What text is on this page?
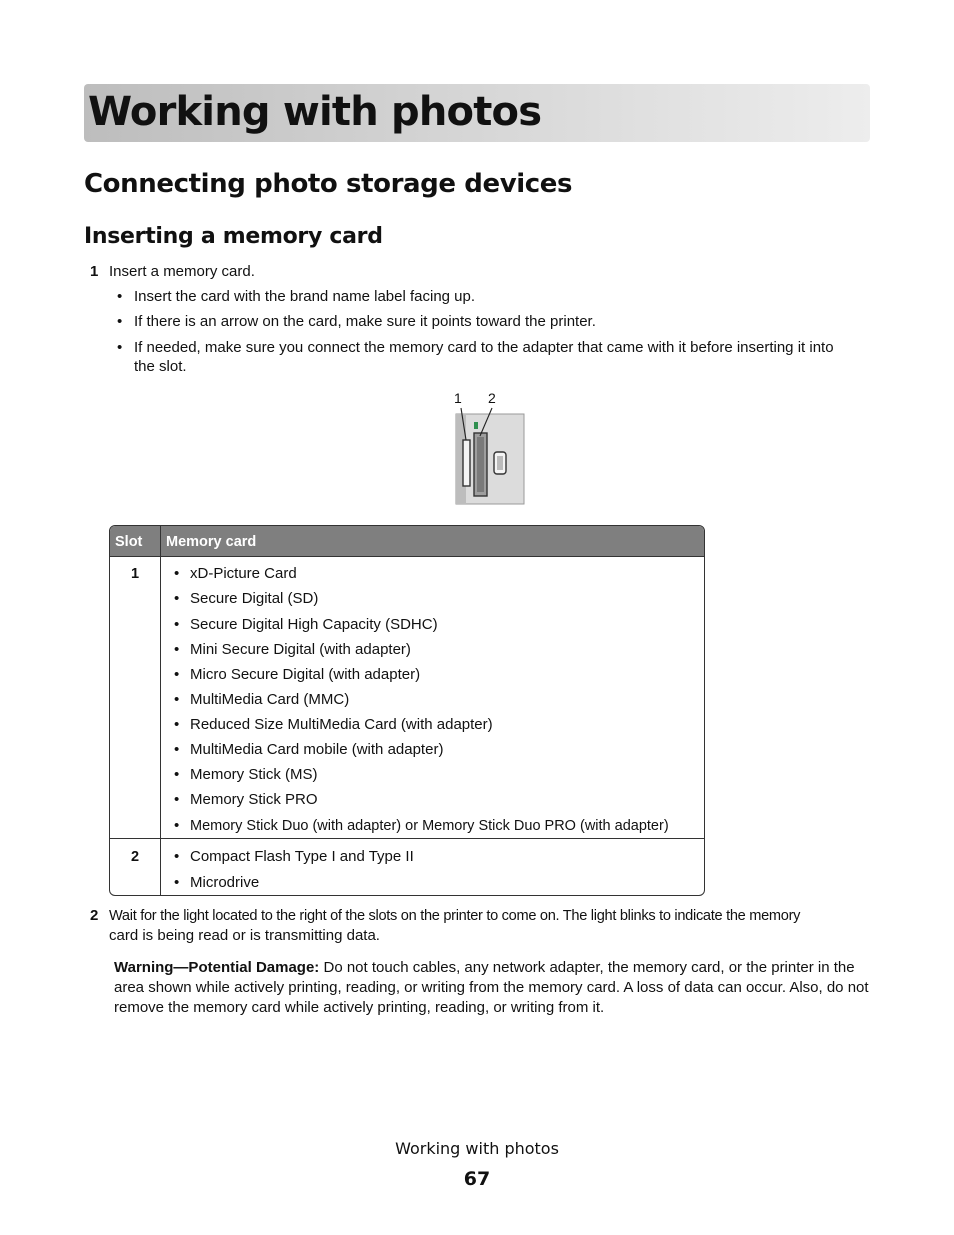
Working with photos
Connecting photo storage devices
Inserting a memory card
1 Insert a memory card.
• Insert the card with the brand name label facing up.
• If there is an arrow on the card, make sure it points toward the printer.
• If needed, make sure you connect the memory card to the adapter that came with it before inserting it into
the slot.
1 2
Slot Memory card
1	• xD-Picture Card
• Secure Digital (SD)
• Secure Digital High Capacity (SDHC)
• Mini Secure Digital (with adapter)
• Micro Secure Digital (with adapter)
• MultiMedia Card (MMC)
• Reduced Size MultiMedia Card (with adapter)
• MultiMedia Card mobile (with adapter)
• Memory Stick (MS)
• Memory Stick PRO
• Memory Stick Duo (with adapter) or Memory Stick Duo PRO (with adapter)
2	• Compact Flash Type I and Type II
• Microdrive
2 Wait for the light located to the right of the slots on the printer to come on. The light blinks to indicate the memory
card is being read or is transmitting data.
Warning—Potential Damage: Do not touch cables, any network adapter, the memory card, or the printer in the area shown while actively printing, reading, or writing from the memory card. A loss of data can occur. Also, do not remove the memory card while actively printing, reading, or writing from it.
Working with photos
67
